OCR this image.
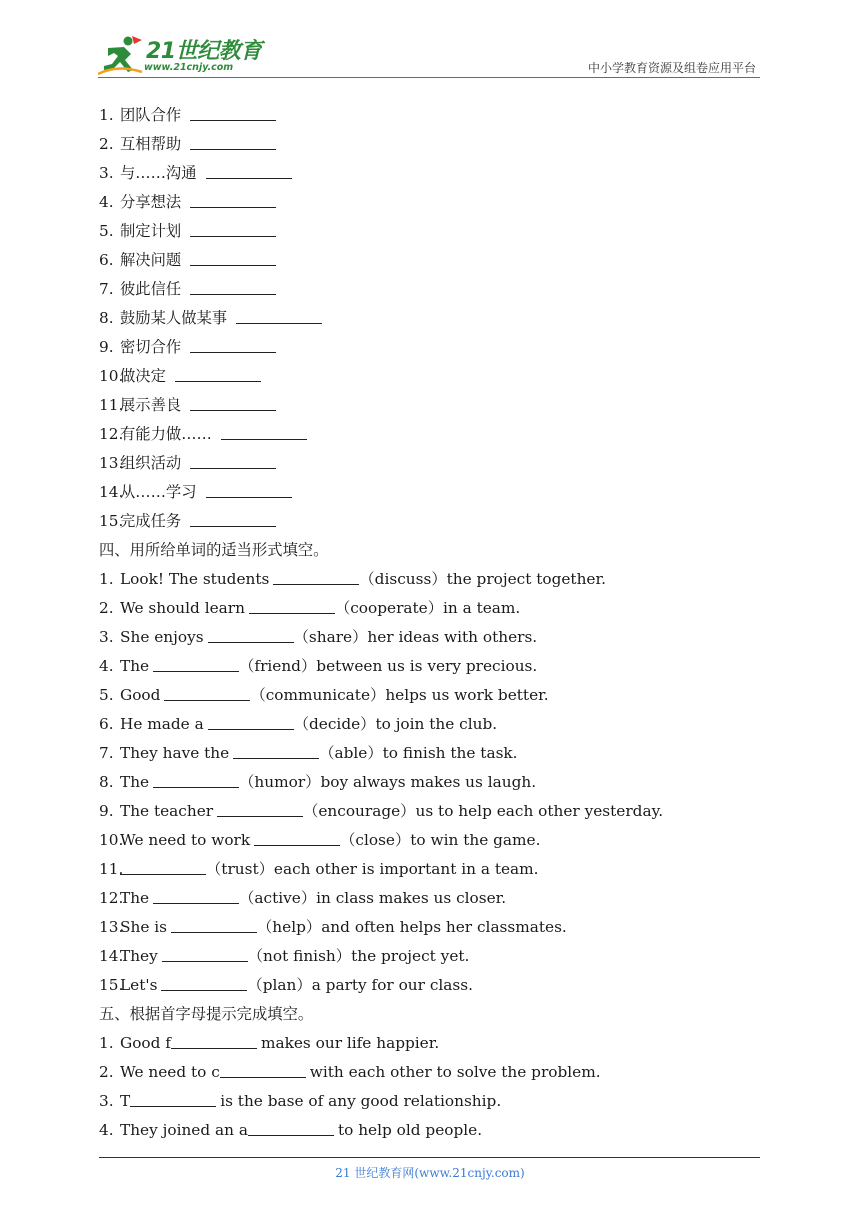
21世纪教育
www.21cnjy.com	中小学教育资源及组卷应用平台
1. 团队合作
2. 互相帮助
3. 与……沟通
4. 分享想法
5. 制定计划
6. 解决问题
7. 彼此信任
8. 鼓励某人做某事
9. 密切合作
10.做决定
11.展示善良
12.有能力做……
13.组织活动
14.从……学习
15.完成任务
四、用所给单词的适当形式填空。
1. Look! The students	（discuss）the project together.
2. We should learn	（cooperate）in a team.
3. She enjoys	（share）her ideas with others.
4. The	（friend）between us is very precious.
5. Good	（communicate）helps us work better.
6. He made a	（decide）to join the club.
7. They have the	（able）to finish the task.
8. The	（humor）boy always makes us laugh.
9. The teacher	（encourage）us to help each other yesterday.
10.We need to work	（close）to win the game.
11.	（trust）each other is important in a team.
12.The	（active）in class makes us closer.
13.She is	（help）and often helps her classmates.
14.They	（not finish）the project yet.
15.Let's	（plan）a party for our class.
五、根据首字母提示完成填空。
1. Good f	makes our life happier.
2. We need to c	with each other to solve the problem.
3. T	is the base of any good relationship.
4. They joined an a	to help old people.
21 世纪教育网(www.21cnjy.com)
